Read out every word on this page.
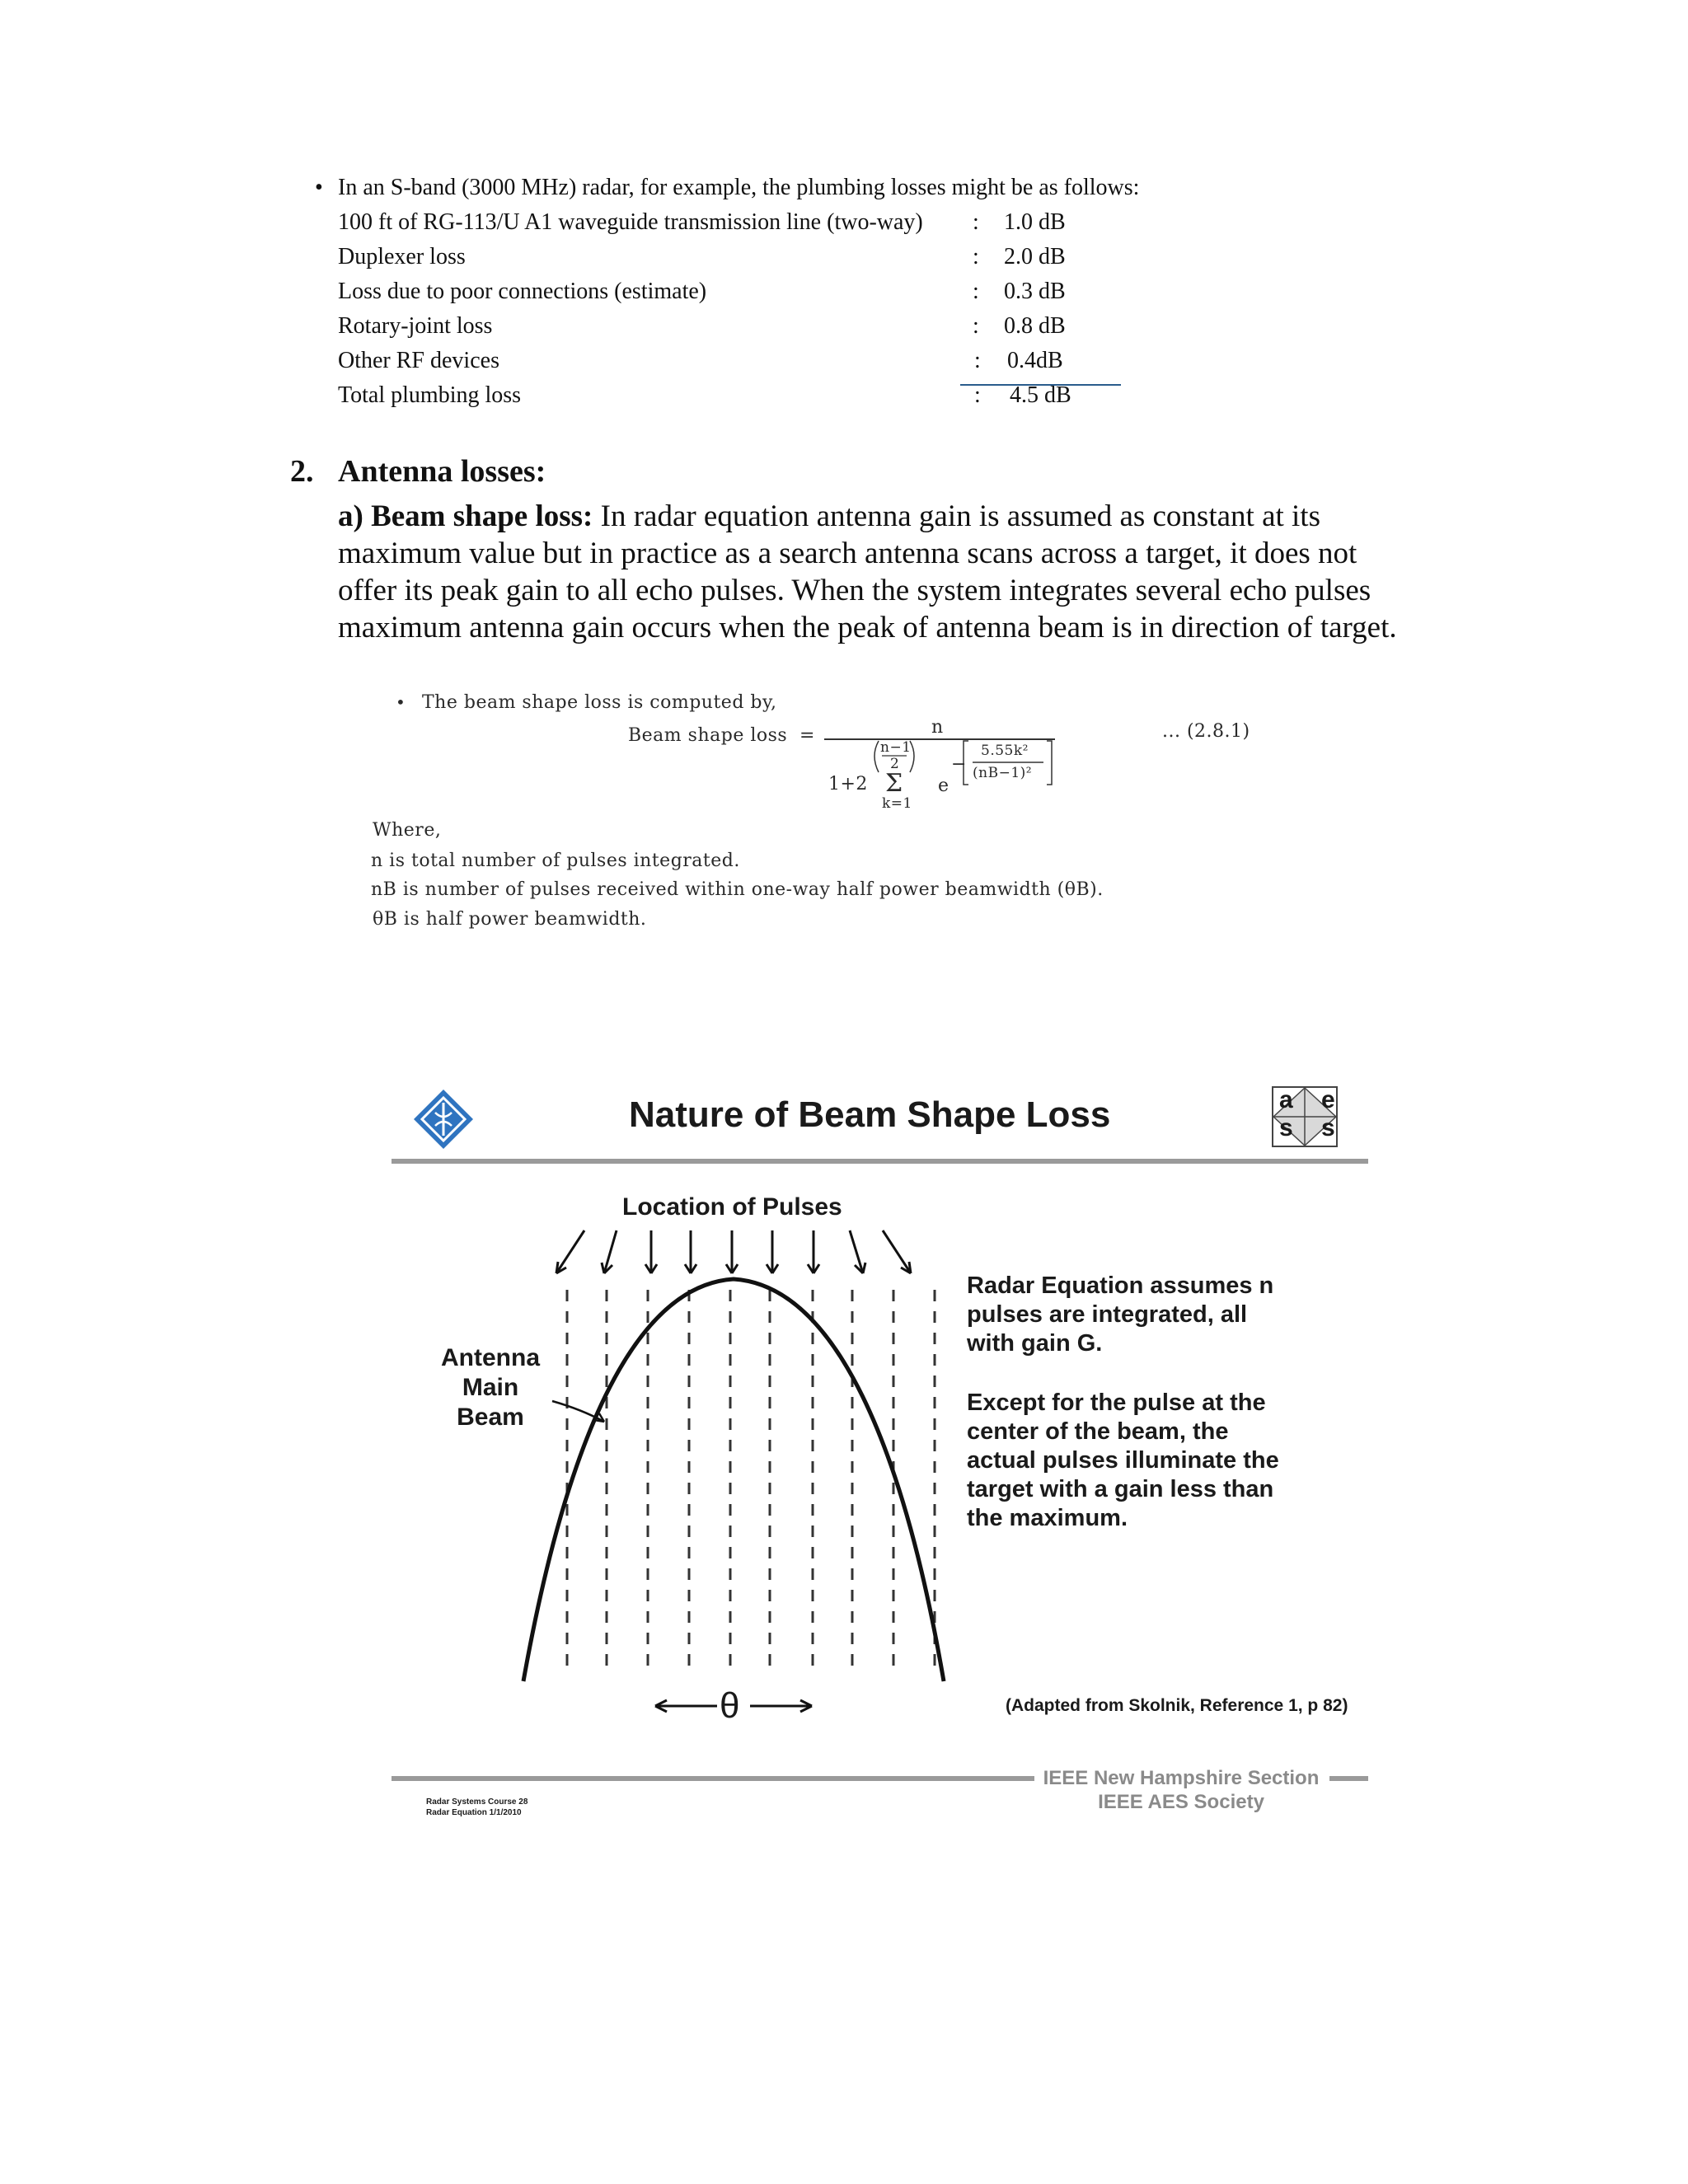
• In an S-band (3000 MHz) radar, for example, the plumbing losses might be as follows:
100 ft of RG-113/U A1 waveguide transmission line (two-way) : 1.0 dB
Duplexer loss	: 2.0 dB
Loss due to poor connections (estimate)	: 0.3 dB
Rotary-joint loss	: 0.8 dB
Other RF devices	: 0.4dB
Total plumbing loss	: 4.5 dB
2. Antenna losses:
a) Beam shape loss: In radar equation antenna gain is assumed as constant at its maximum value but in practice as a search antenna scans across a target, it does not offer its peak gain to all echo pulses. When the system integrates several echo pulses maximum antenna gain occurs when the peak of antenna beam is in direction of target.
• The beam shape loss is computed by,
Beam shape loss =	n
n−1
2
1+2 Σ
k=1
e
−
5.55k²
(nB−1)²
... (2.8.1)
Where,
n is total number of pulses integrated.
nB is number of pulses received within one-way half power beamwidth (θB).
θB is half power beamwidth.
Nature of Beam Shape Loss	a e
s s
Location of Pulses
Antenna
Main
Beam
θ
Radar Equation assumes n
pulses are integrated, all
with gain G.
Except for the pulse at the
center of the beam, the
actual pulses illuminate the
target with a gain less than
the maximum.
(Adapted from Skolnik, Reference 1, p 82)
Radar Systems Course 28
Radar Equation 1/1/2010
IEEE New Hampshire Section
IEEE AES Society
